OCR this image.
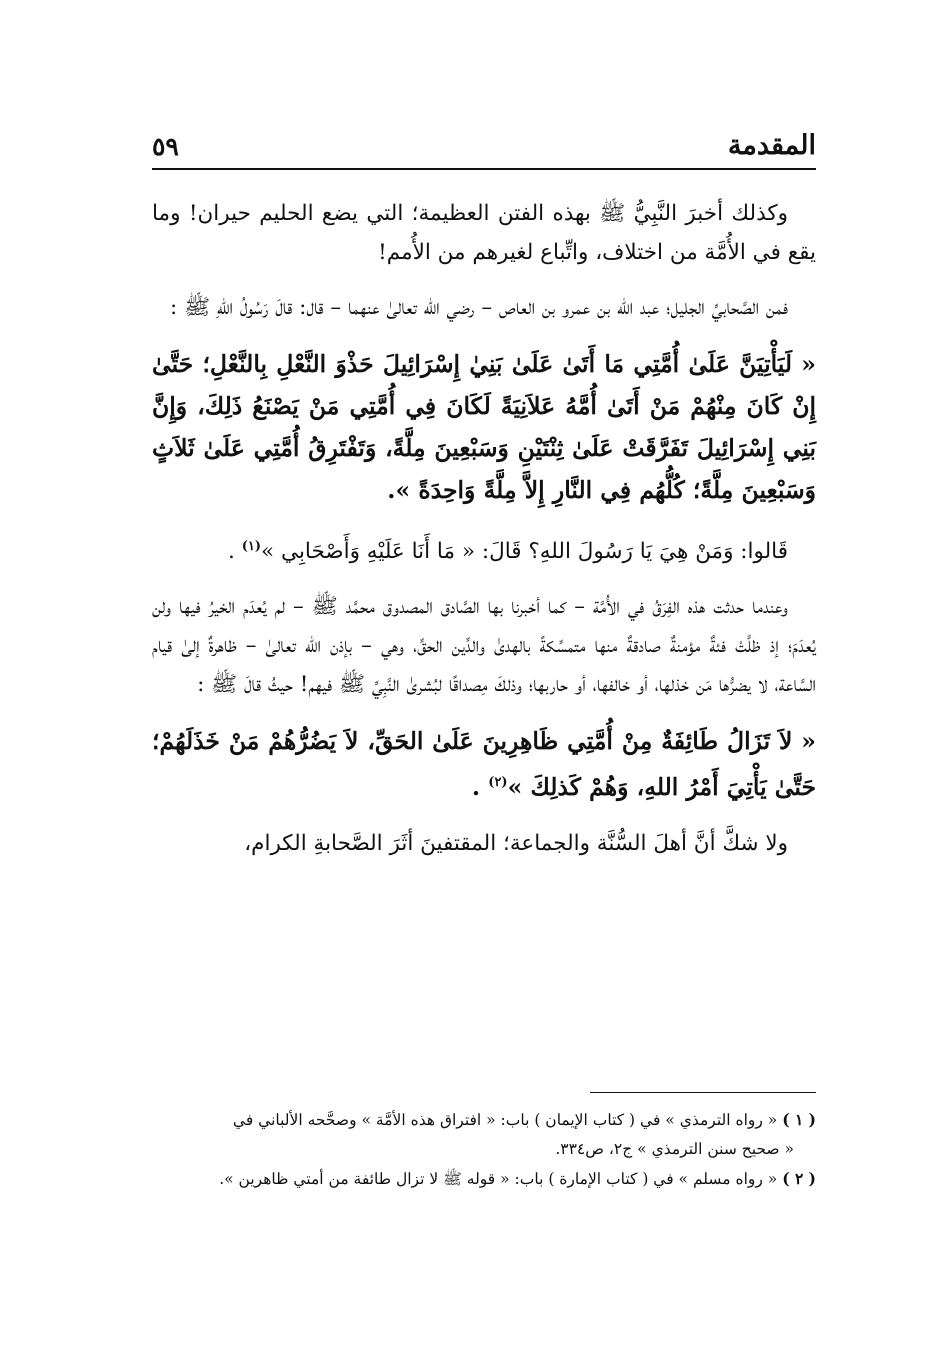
المقدمة
٥٩

وكذلك أخبرَ النَّبِيُّ ﷺ بهذه الفتن العظيمة؛ التي يضع الحليم حيران! وما يقع في الأُمَّة من اختلاف، واتِّباع لغيرهم من الأُمم!

فمن الصَّحابيِّ الجليل؛ عبد الله بن عمرو بن العاص – رضي الله تعالىٰ عنهما – قال: قالَ رَسُولُ اللهِ ﷺ :

« لَيَأْتِيَنَّ عَلَىٰ أُمَّتِي مَا أَتَىٰ عَلَىٰ بَنِيٰ إِسْرَائِيلَ حَذْوَ النَّعْلِ بِالنَّعْلِ؛ حَتَّىٰ إِنْ كَانَ مِنْهُمْ مَنْ أَتَىٰ أُمَّهُ عَلاَنِيَةً لَكَانَ فِي أُمَّتِي مَنْ يَصْنَعُ ذَلِكَ، وَإِنَّ بَنِي إِسْرَائِيلَ تَفَرَّقَتْ عَلَىٰ ثِنْتَيْنِ وَسَبْعِينَ مِلَّةً، وَتَفْتَرِقُ أُمَّتِي عَلَىٰ ثَلاَثٍ وَسَبْعِينَ مِلَّةً؛ كُلُّهُم فِي النَّارِ إِلاَّ مِلَّةً وَاحِدَةً ».

قَالوا: وَمَنْ هِيَ يَا رَسُولَ اللهِ؟ قَالَ: « مَا أَنَا عَلَيْهِ وَأَصْحَابِي »$^{(١)}$ .

وعندما حدثت هذه الفِرَقُ في الأُمَّة – كما أخبرنا بها الصَّادق المصدوق محمَّد ﷺ – لم يُعدَم الخيرُ فيها ولن يُعدَمَ؛ إذ ظلَّتْ فئةٌ مؤمنةٌ صادقةٌ منها متمسِّكةً بالهدىٰ والدِّين الحقِّ، وهي – بإذن الله تعالىٰ – ظاهرةٌ إلىٰ قيام السَّاعة، لا يضرُّها مَن خذلها، أو خالفها، أو حاربها؛ وذلكَ مِصداقًا لبُشرىٰ النَّبِيِّ ﷺ فيهم! حيثُ قالَ ﷺ :

« لاَ تَزَالُ طَائِفَةٌ مِنْ أُمَّتِي ظَاهِرِينَ عَلَىٰ الحَقِّ، لاَ يَضُرُّهُمْ مَنْ خَذَلَهُمْ؛ حَتَّىٰ يَأْتِيَ أَمْرُ اللهِ، وَهُمْ كَذلِكَ »$^{(٢)}$ .

ولا شكَّ أنَّ أهلَ السُّنَّة والجماعة؛ المقتفينَ أثَرَ الصَّحابةِ الكرام،

( ١ ) « رواه الترمذي » في ( كتاب الإيمان ) باب: « افتراق هذه الأمَّة » وصحَّحه الألباني في

« صحيح سنن الترمذي » ج٢، ص٣٣٤.

( ٢ ) « رواه مسلم » في ( كتاب الإمارة ) باب: « قوله ﷺ لا تزال طائفة من أمتي ظاهرين ».
